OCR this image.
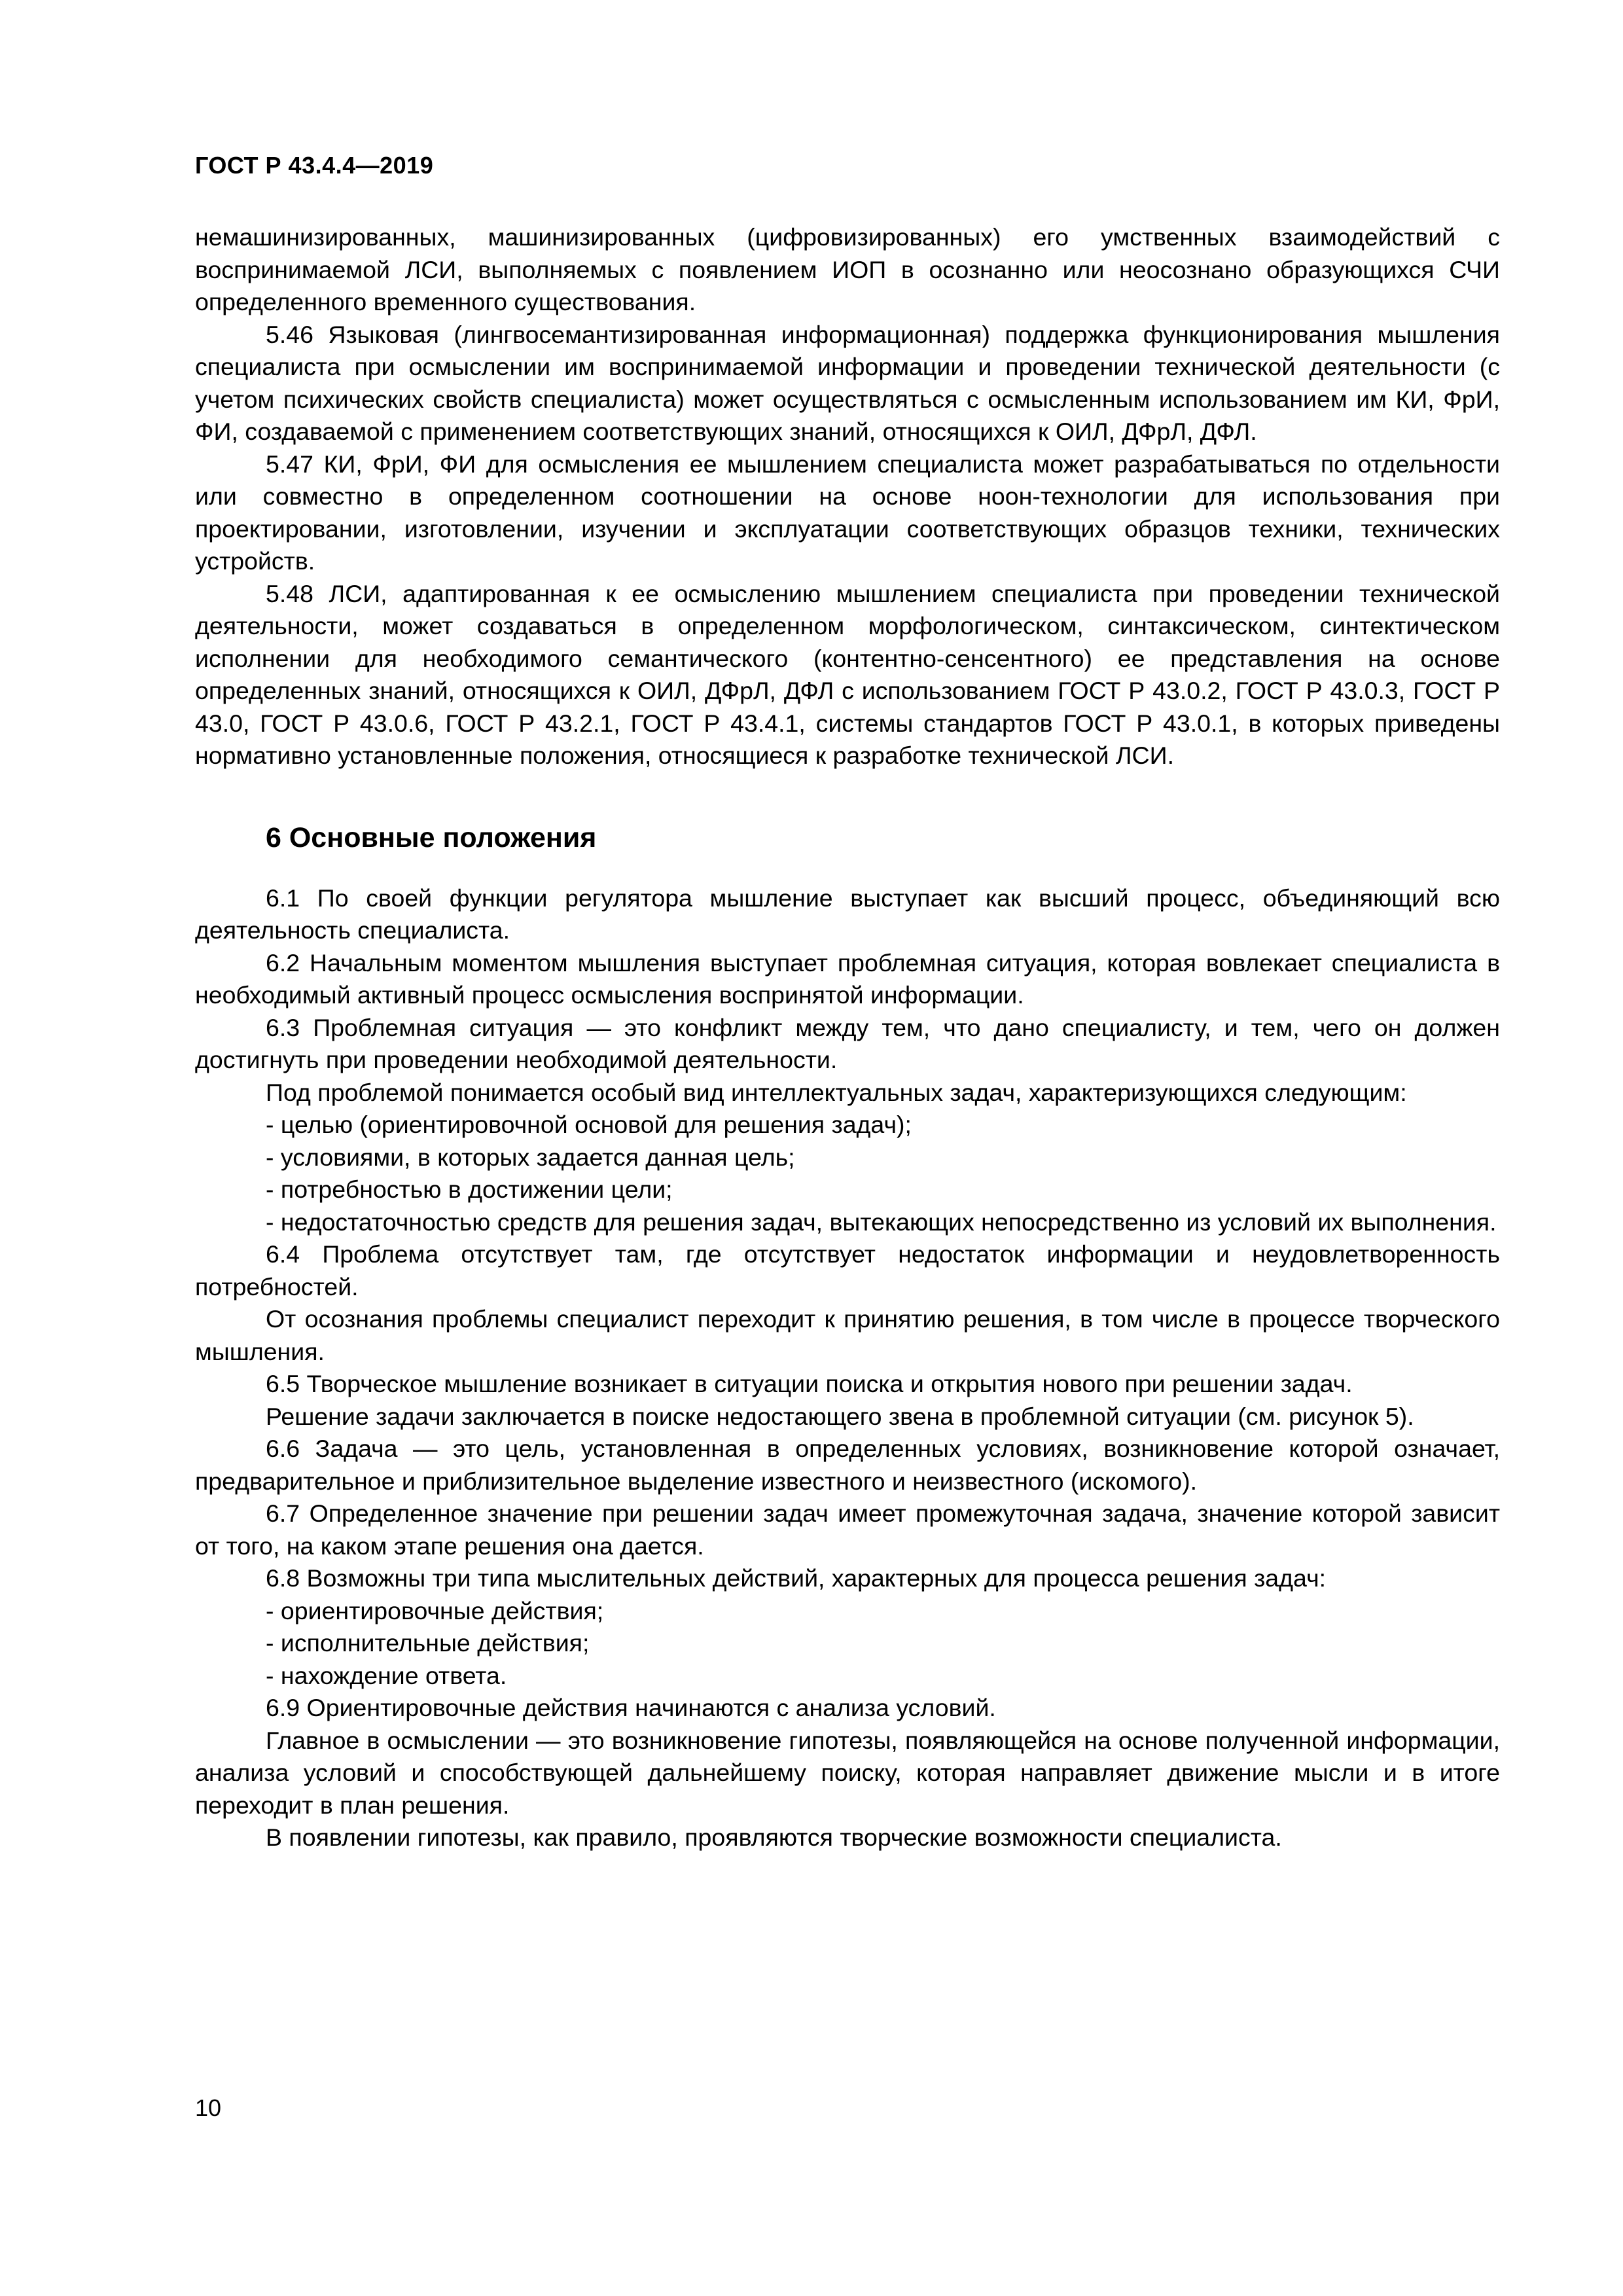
ГОСТ Р 43.4.4—2019

немашинизированных, машинизированных (цифровизированных) его умственных взаимодействий с воспринимаемой ЛСИ, выполняемых с появлением ИОП в осознанно или неосознано образующихся СЧИ определенного временного существования.

5.46 Языковая (лингвосемантизированная информационная) поддержка функционирования мышления специалиста при осмыслении им воспринимаемой информации и проведении технической деятельности (с учетом психических свойств специалиста) может осуществляться с осмысленным использованием им КИ, ФрИ, ФИ, создаваемой с применением соответствующих знаний, относящихся к ОИЛ, ДФрЛ, ДФЛ.

5.47 КИ, ФрИ, ФИ для осмысления ее мышлением специалиста может разрабатываться по отдельности или совместно в определенном соотношении на основе ноон-технологии для использования при проектировании, изготовлении, изучении и эксплуатации соответствующих образцов техники, технических устройств.

5.48 ЛСИ, адаптированная к ее осмыслению мышлением специалиста при проведении технической деятельности, может создаваться в определенном морфологическом, синтаксическом, синтектическом исполнении для необходимого семантического (контентно-сенсентного) ее представления на основе определенных знаний, относящихся к ОИЛ, ДФрЛ, ДФЛ с использованием ГОСТ Р 43.0.2, ГОСТ Р 43.0.3, ГОСТ Р 43.0, ГОСТ Р 43.0.6, ГОСТ Р 43.2.1, ГОСТ Р 43.4.1, системы стандартов ГОСТ Р 43.0.1, в которых приведены нормативно установленные положения, относящиеся к разработке технической ЛСИ.

6 Основные положения

6.1 По своей функции регулятора мышление выступает как высший процесс, объединяющий всю деятельность специалиста.

6.2 Начальным моментом мышления выступает проблемная ситуация, которая вовлекает специалиста в необходимый активный процесс осмысления воспринятой информации.

6.3 Проблемная ситуация — это конфликт между тем, что дано специалисту, и тем, чего он должен достигнуть при проведении необходимой деятельности.

Под проблемой понимается особый вид интеллектуальных задач, характеризующихся следующим:

- целью (ориентировочной основой для решения задач);

- условиями, в которых задается данная цель;

- потребностью в достижении цели;

- недостаточностью средств для решения задач, вытекающих непосредственно из условий их выполнения.

6.4 Проблема отсутствует там, где отсутствует недостаток информации и неудовлетворенность потребностей.

От осознания проблемы специалист переходит к принятию решения, в том числе в процессе творческого мышления.

6.5 Творческое мышление возникает в ситуации поиска и открытия нового при решении задач.

Решение задачи заключается в поиске недостающего звена в проблемной ситуации (см. рисунок 5).

6.6 Задача — это цель, установленная в определенных условиях, возникновение которой означает, предварительное и приблизительное выделение известного и неизвестного (искомого).

6.7 Определенное значение при решении задач имеет промежуточная задача, значение которой зависит от того, на каком этапе решения она дается.

6.8 Возможны три типа мыслительных действий, характерных для процесса решения задач:

- ориентировочные действия;

- исполнительные действия;

- нахождение ответа.

6.9 Ориентировочные действия начинаются с анализа условий.

Главное в осмыслении — это возникновение гипотезы, появляющейся на основе полученной информации, анализа условий и способствующей дальнейшему поиску, которая направляет движение мысли и в итоге переходит в план решения.

В появлении гипотезы, как правило, проявляются творческие возможности специалиста.

10
